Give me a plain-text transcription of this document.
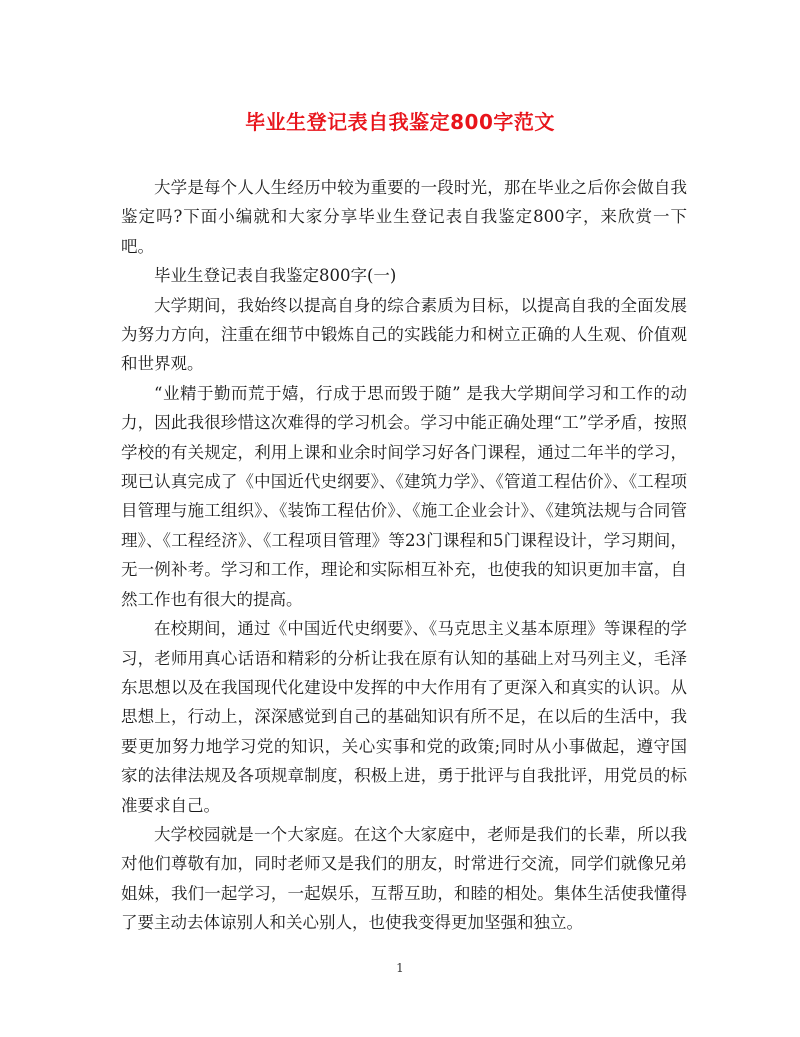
毕业生登记表自我鉴定800字范文

大学是每个人人生经历中较为重要的一段时光，那在毕业之后你会做自我鉴定吗?下面小编就和大家分享毕业生登记表自我鉴定800字，来欣赏一下吧。

毕业生登记表自我鉴定800字(一)

大学期间，我始终以提高自身的综合素质为目标，以提高自我的全面发展为努力方向，注重在细节中锻炼自己的实践能力和树立正确的人生观、价值观和世界观。

“业精于勤而荒于嬉，行成于思而毁于随” 是我大学期间学习和工作的动力，因此我很珍惜这次难得的学习机会。学习中能正确处理“工”学矛盾，按照学校的有关规定，利用上课和业余时间学习好各门课程，通过二年半的学习，现已认真完成了《中国近代史纲要》、《建筑力学》、《管道工程估价》、《工程项目管理与施工组织》、《装饰工程估价》、《施工企业会计》、《建筑法规与合同管理》、《工程经济》、《工程项目管理》等23门课程和5门课程设计，学习期间，无一例补考。学习和工作，理论和实际相互补充，也使我的知识更加丰富，自然工作也有很大的提高。

在校期间，通过《中国近代史纲要》、《马克思主义基本原理》等课程的学习，老师用真心话语和精彩的分析让我在原有认知的基础上对马列主义，毛泽东思想以及在我国现代化建设中发挥的中大作用有了更深入和真实的认识。从思想上，行动上，深深感觉到自己的基础知识有所不足，在以后的生活中，我要更加努力地学习党的知识，关心实事和党的政策;同时从小事做起，遵守国家的法律法规及各项规章制度，积极上进，勇于批评与自我批评，用党员的标准要求自己。

大学校园就是一个大家庭。在这个大家庭中，老师是我们的长辈，所以我对他们尊敬有加，同时老师又是我们的朋友，时常进行交流，同学们就像兄弟姐妹，我们一起学习，一起娱乐，互帮互助，和睦的相处。集体生活使我懂得了要主动去体谅别人和关心别人，也使我变得更加坚强和独立。

1
